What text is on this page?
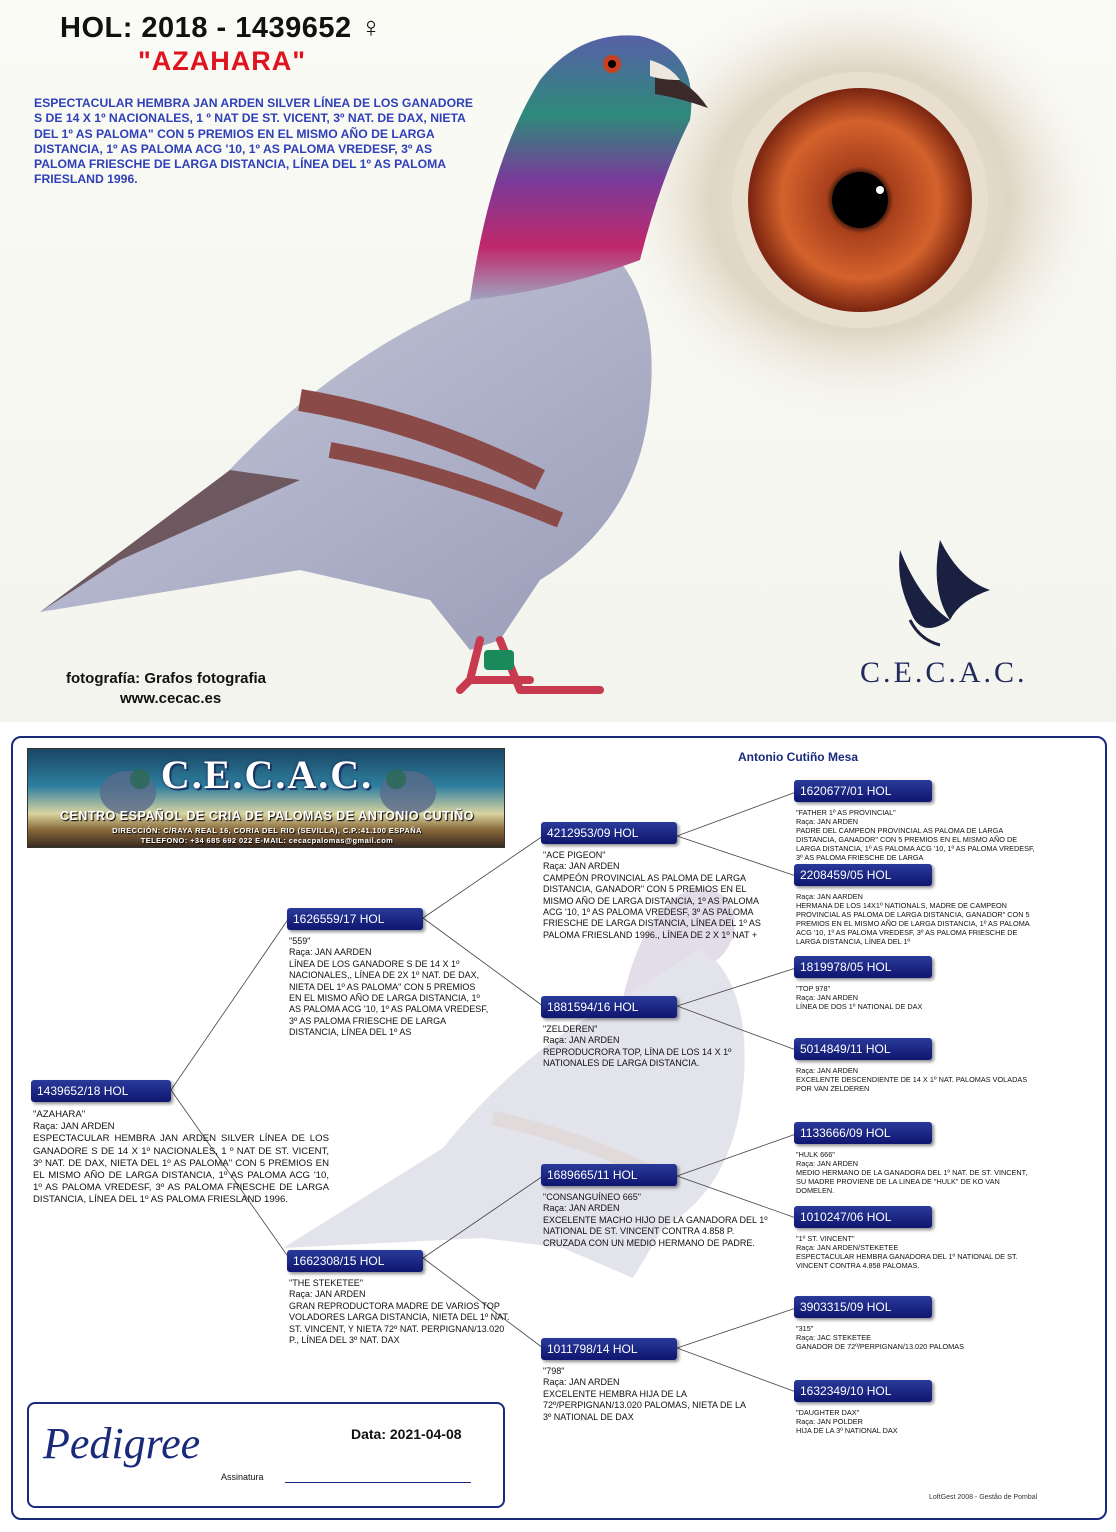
HOL: 2018 - 1439652 ♀
"AZAHARA"
ESPECTACULAR HEMBRA JAN ARDEN SILVER LÍNEA DE LOS GANADORE S DE 14 X 1º NACIONALES, 1 º NAT DE ST. VICENT, 3º NAT. DE DAX, NIETA DEL 1º AS PALOMA" CON 5 PREMIOS EN EL MISMO AÑO DE LARGA DISTANCIA, 1º AS PALOMA ACG '10, 1º AS PALOMA VREDESF, 3º AS PALOMA FRIESCHE DE LARGA DISTANCIA, LÍNEA DEL 1º AS PALOMA FRIESLAND 1996.
fotografía: Grafos fotografia
www.cecac.es
C.E.C.A.C.
C.E.C.A.C.
CENTRO ESPAÑOL DE CRIA DE PALOMAS DE ANTONIO CUTIÑO
DIRECCIÓN: C/RAYA REAL 16, CORIA DEL RIO (SEVILLA), C.P.:41.100 ESPAÑA
TELEFONO: +34 685 692 022 E-MAIL: cecacpalomas@gmail.com
Antonio Cutiño Mesa
1439652/18 HOL
"AZAHARA"
Raça: JAN ARDEN
ESPECTACULAR HEMBRA JAN ARDEN SILVER LÍNEA DE LOS GANADORE S DE 14 X 1º NACIONALES, 1 º NAT DE ST. VICENT, 3º NAT. DE DAX, NIETA DEL 1º AS PALOMA" CON 5 PREMIOS EN EL MISMO AÑO DE LARGA DISTANCIA, 1º AS PALOMA ACG '10, 1º AS PALOMA VREDESF, 3º AS PALOMA FRIESCHE DE LARGA DISTANCIA, LÍNEA DEL 1º AS PALOMA FRIESLAND 1996.
1626559/17 HOL
"559"
Raça: JAN AARDEN
LÍNEA DE LOS GANADORE S DE 14 X 1º NACIONALES,, LÍNEA DE 2X 1º NAT. DE DAX, NIETA DEL 1º AS PALOMA" CON 5 PREMIOS EN EL MISMO AÑO DE LARGA DISTANCIA, 1º AS PALOMA ACG '10, 1º AS PALOMA VREDESF, 3º AS PALOMA FRIESCHE DE LARGA DISTANCIA, LÍNEA DEL 1º AS
1662308/15 HOL
"THE STEKETEE"
Raça: JAN ARDEN
GRAN REPRODUCTORA MADRE DE VARIOS TOP VOLADORES LARGA DISTANCIA, NIETA DEL 1º NAT. ST. VINCENT, Y NIETA 72º NAT. PERPIGNAN/13.020 P., LÍNEA DEL 3º NAT. DAX
4212953/09 HOL
"ACE PIGEON"
Raça: JAN ARDEN
CAMPEÓN PROVINCIAL AS PALOMA DE LARGA DISTANCIA, GANADOR" CON 5 PREMIOS EN EL MISMO AÑO DE LARGA DISTANCIA, 1º AS PALOMA ACG '10, 1º AS PALOMA VREDESF, 3º AS PALOMA FRIESCHE DE LARGA DISTANCIA, LÍNEA DEL 1º AS PALOMA FRIESLAND 1996., LÍNEA DE 2 X 1º NAT +
1881594/16 HOL
"ZELDEREN"
Raça: JAN ARDEN
REPRODUCRORA TOP, LÍNA DE LOS 14 X 1º NATIONALES DE LARGA DISTANCIA.
1689665/11 HOL
"CONSANGUÍNEO 665"
Raça: JAN ARDEN
EXCELENTE MACHO HIJO DE LA GANADORA DEL 1º NATIONAL DE ST. VINCENT CONTRA 4.858 P. CRUZADA CON UN MEDIO HERMANO DE PADRE.
1011798/14 HOL
"798"
Raça: JAN ARDEN
EXCELENTE HEMBRA HIJA DE LA 72º/PERPIGNAN/13.020 PALOMAS, NIETA DE LA 3º NATIONAL DE DAX
1620677/01 HOL
"FATHER 1º AS PROVINCIAL"
Raça: JAN ARDEN
PADRE DEL CAMPEON PROVINCIAL AS PALOMA DE LARGA DISTANCIA, GANADOR" CON 5 PREMIOS EN EL MISMO AÑO DE LARGA DISTANCIA, 1º AS PALOMA ACG '10, 1º AS PALOMA VREDESF, 3º AS PALOMA FRIESCHE DE LARGA
2208459/05 HOL
Raça: JAN AARDEN
HERMANA DE LOS 14X1º NATIONALS, MADRE DE CAMPEON PROVINCIAL AS PALOMA DE LARGA DISTANCIA, GANADOR" CON 5 PREMIOS EN EL MISMO AÑO DE LARGA DISTANCIA, 1º AS PALOMA ACG '10, 1º AS PALOMA VREDESF, 3º AS PALOMA FRIESCHE DE LARGA DISTANCIA, LÍNEA DEL 1º
1819978/05 HOL
"TOP 978"
Raça: JAN ARDEN
LÍNEA DE DOS 1º NATIONAL DE DAX
5014849/11 HOL
Raça: JAN ARDEN
EXCELENTE DESCENDIENTE DE 14 X 1º NAT. PALOMAS VOLADAS POR VAN ZELDEREN
1133666/09 HOL
"HULK 666"
Raça: JAN ARDEN
MEDIO HERMANO DE LA GANADORA DEL 1º NAT. DE ST. VINCENT, SU MADRE PROVIENE DE LA LINEA DE "HULK" DE KO VAN DOMELEN.
1010247/06 HOL
"1º ST. VINCENT"
Raça: JAN ARDEN/STEKETEE
ESPECTACULAR HEMBRA GANADORA DEL 1º NATIONAL DE ST. VINCENT CONTRA 4.858 PALOMAS.
3903315/09 HOL
"315"
Raça: JAC STEKETEE
GANADOR DE 72º/PERPIGNAN/13.020 PALOMAS
1632349/10 HOL
"DAUGHTER DAX"
Raça: JAN POLDER
HIJA DE LA 3º NATIONAL DAX
Pedigree	Data: 2021-04-08
Assinatura
LoftGest 2008 - Gestão de Pombal
